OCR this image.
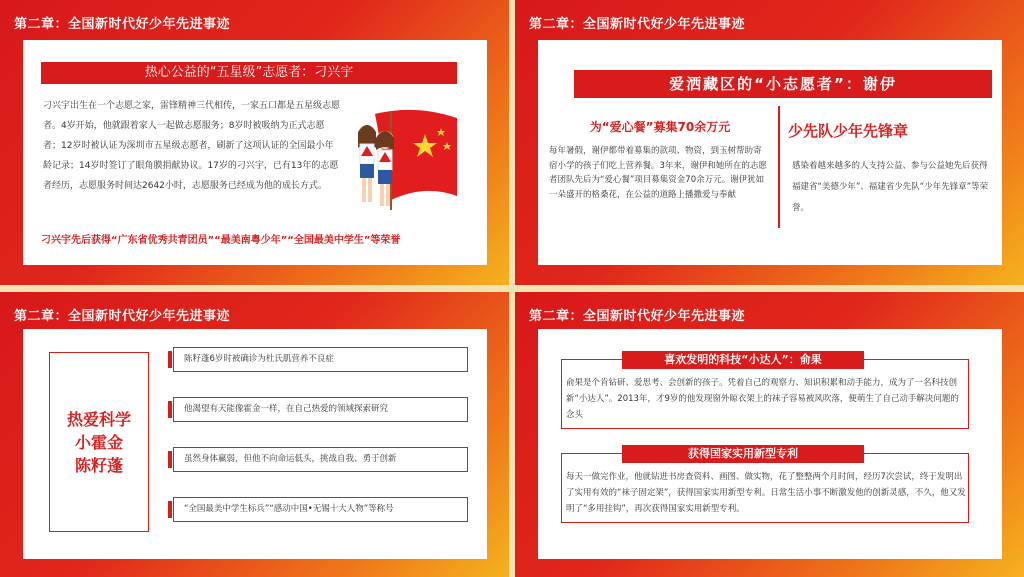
第二章：全国新时代好少年先进事迹
热心公益的“五星级”志愿者：刁兴宇
刁兴宇出生在一个志愿之家，雷锋精神三代相传，一家五口都是五星级志愿者。4岁开始，他就跟着家人一起做志愿服务；8岁时被吸纳为正式志愿者；12岁时被认证为深圳市五星级志愿者，刷新了这项认证的全国最小年龄记录；14岁时签订了眼角膜捐献协议。17岁的刁兴宇，已有13年的志愿者经历，志愿服务时间达2642小时，志愿服务已经成为他的成长方式。
刁兴宇先后获得“广东省优秀共青团员”“最美南粤少年”“全国最美中学生”等荣誉
第二章：全国新时代好少年先进事迹
爱洒藏区的“小志愿者”：谢伊
为“爱心餐”募集70余万元
每年暑假，谢伊都带着募集的款项、物资，到玉树帮助寄宿小学的孩子们吃上营养餐。3年来，谢伊和她所在的志愿者团队先后为“爱心餐”项目募集资金70余万元。谢伊犹如一朵盛开的格桑花，在公益的道路上播撒爱与奉献
少先队少年先锋章
感染着越来越多的人支持公益、参与公益她先后获得福建省“美德少年”、福建省少先队“少年先锋章”等荣誉。
第二章：全国新时代好少年先进事迹
热爱科学
小霍金
陈籽蓬
陈籽蓬6岁时被确诊为杜氏肌营养不良症
他渴望有天能像霍金一样，在自己热爱的领域探索研究
虽然身体羸弱，但他不向命运低头，挑战自我、勇于创新
“全国最美中学生标兵”“感动中国•无锡十大人物”等称号
第二章：全国新时代好少年先进事迹
喜欢发明的科技“小达人”：俞果
俞果是个肯钻研、爱思考、会创新的孩子。凭着自己的观察力、知识积累和动手能力，成为了一名科技创新“小达人”。2013年，才9岁的他发现窗外晾衣架上的袜子容易被风吹落，便萌生了自己动手解决问题的念头
获得国家实用新型专利
每天一做完作业，他就钻进书房查资料、画图、做实物，花了整整两个月时间，经历7次尝试，终于发明出了实用有效的“袜子固定架”，获得国家实用新型专利。日常生活小事不断激发他的创新灵感，不久，他又发明了“多用挂钩”，再次获得国家实用新型专利。
